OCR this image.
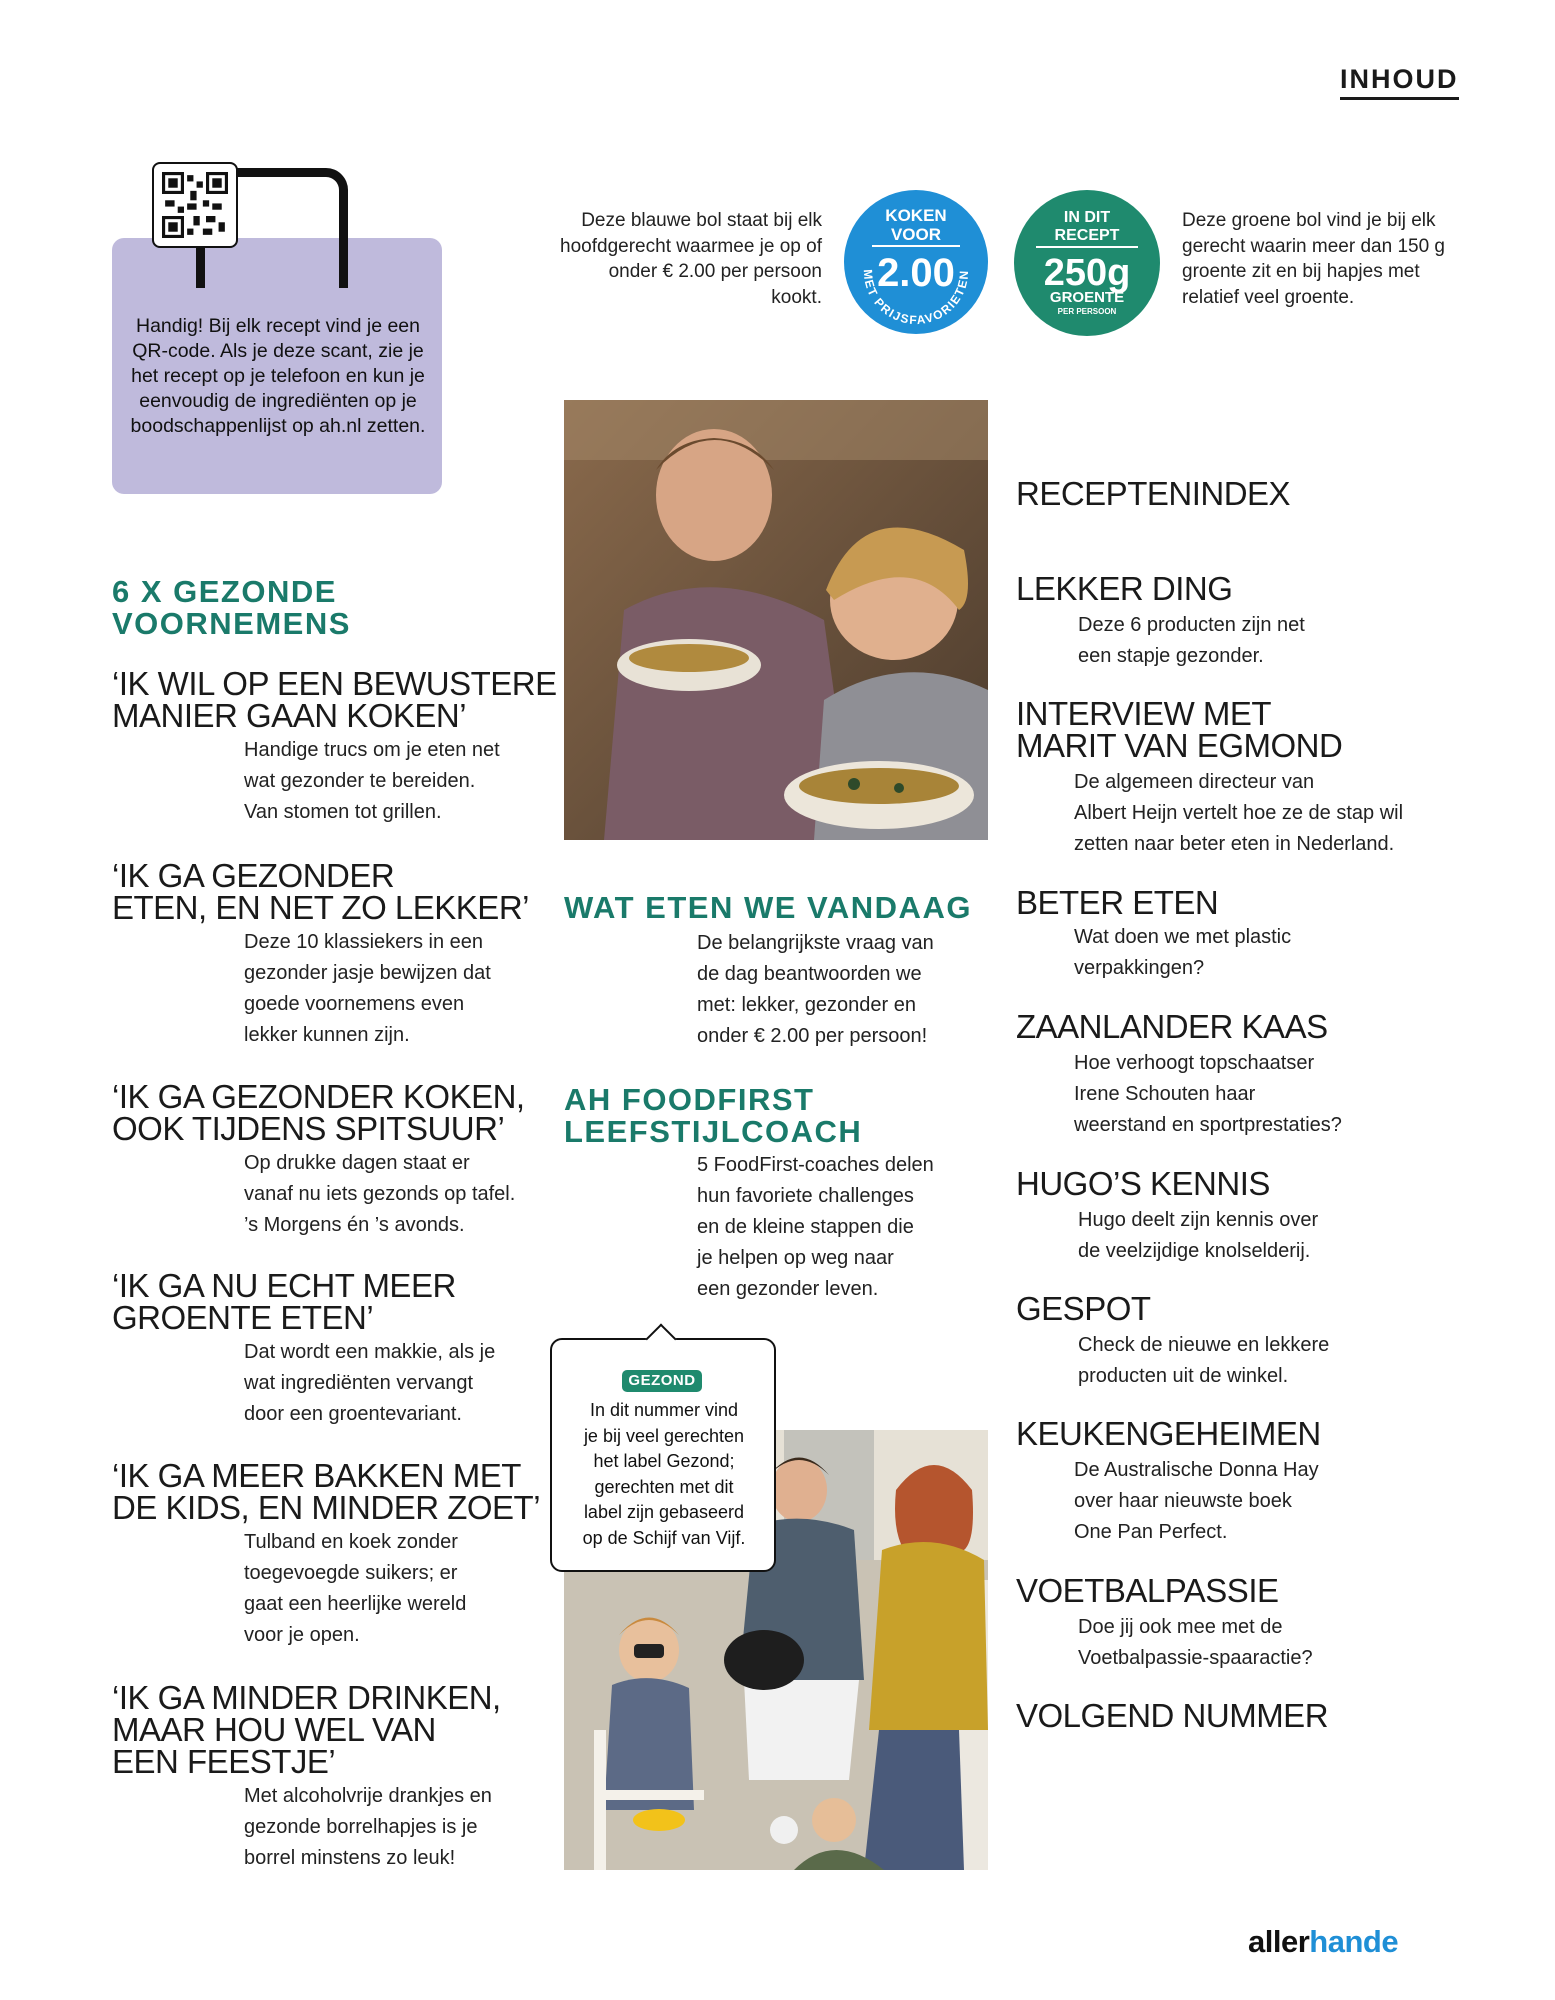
INHOUD
Handig! Bij elk recept vind je een QR-code. Als je deze scant, zie je het recept op je telefoon en kun je eenvoudig de ingrediënten op je boodschappenlijst op ah.nl zetten.
Deze blauwe bol staat bij elk hoofdgerecht waarmee je op of onder € 2.00 per persoon kookt.
KOKEN
VOOR
2.00
MET PRIJSFAVORIETEN
IN DIT
RECEPT
250g
GROENTE
PER PERSOON
Deze groene bol vind je bij elk gerecht waarin meer dan 150 g groente zit en bij hapjes met relatief veel groente.
6 X GEZONDE VOORNEMENS
‘IK WIL OP EEN BEWUSTERE
MANIER GAAN KOKEN’
Handige trucs om je eten net
wat gezonder te bereiden.
Van stomen tot grillen.
‘IK GA GEZONDER
ETEN, EN NET ZO LEKKER’
Deze 10 klassiekers in een
gezonder jasje bewijzen dat
goede voornemens even
lekker kunnen zijn.
‘IK GA GEZONDER KOKEN,
OOK TIJDENS SPITSUUR’
Op drukke dagen staat er
vanaf nu iets gezonds op tafel.
’s Morgens én ’s avonds.
‘IK GA NU ECHT MEER
GROENTE ETEN’
Dat wordt een makkie, als je
wat ingrediënten vervangt
door een groentevariant.
‘IK GA MEER BAKKEN MET
DE KIDS, EN MINDER ZOET’
Tulband en koek zonder
toegevoegde suikers; er
gaat een heerlijke wereld
voor je open.
‘IK GA MINDER DRINKEN,
MAAR HOU WEL VAN
EEN FEESTJE’
Met alcoholvrije drankjes en
gezonde borrelhapjes is je
borrel minstens zo leuk!
WAT ETEN WE VANDAAG
De belangrijkste vraag van
de dag beantwoorden we
met: lekker, gezonder en
onder € 2.00 per persoon!
AH FOODFIRST LEEFSTIJLCOACH
5 FoodFirst-coaches delen
hun favoriete challenges
en de kleine stappen die
je helpen op weg naar
een gezonder leven.
GEZOND
In dit nummer vind
je bij veel gerechten
het label Gezond;
gerechten met dit
label zijn gebaseerd
op de Schijf van Vijf.
RECEPTENINDEX
LEKKER DING
Deze 6 producten zijn net
een stapje gezonder.
INTERVIEW MET
MARIT VAN EGMOND
De algemeen directeur van
Albert Heijn vertelt hoe ze de stap wil
zetten naar beter eten in Nederland.
BETER ETEN
Wat doen we met plastic
verpakkingen?
ZAANLANDER KAAS
Hoe verhoogt topschaatser
Irene Schouten haar
weerstand en sportprestaties?
HUGO’S KENNIS
Hugo deelt zijn kennis over
de veelzijdige knolselderij.
GESPOT
Check de nieuwe en lekkere
producten uit de winkel.
KEUKENGEHEIMEN
De Australische Donna Hay
over haar nieuwste boek
One Pan Perfect.
VOETBALPASSIE
Doe jij ook mee met de
Voetbalpassie-spaaractie?
VOLGEND NUMMER
allerhande
